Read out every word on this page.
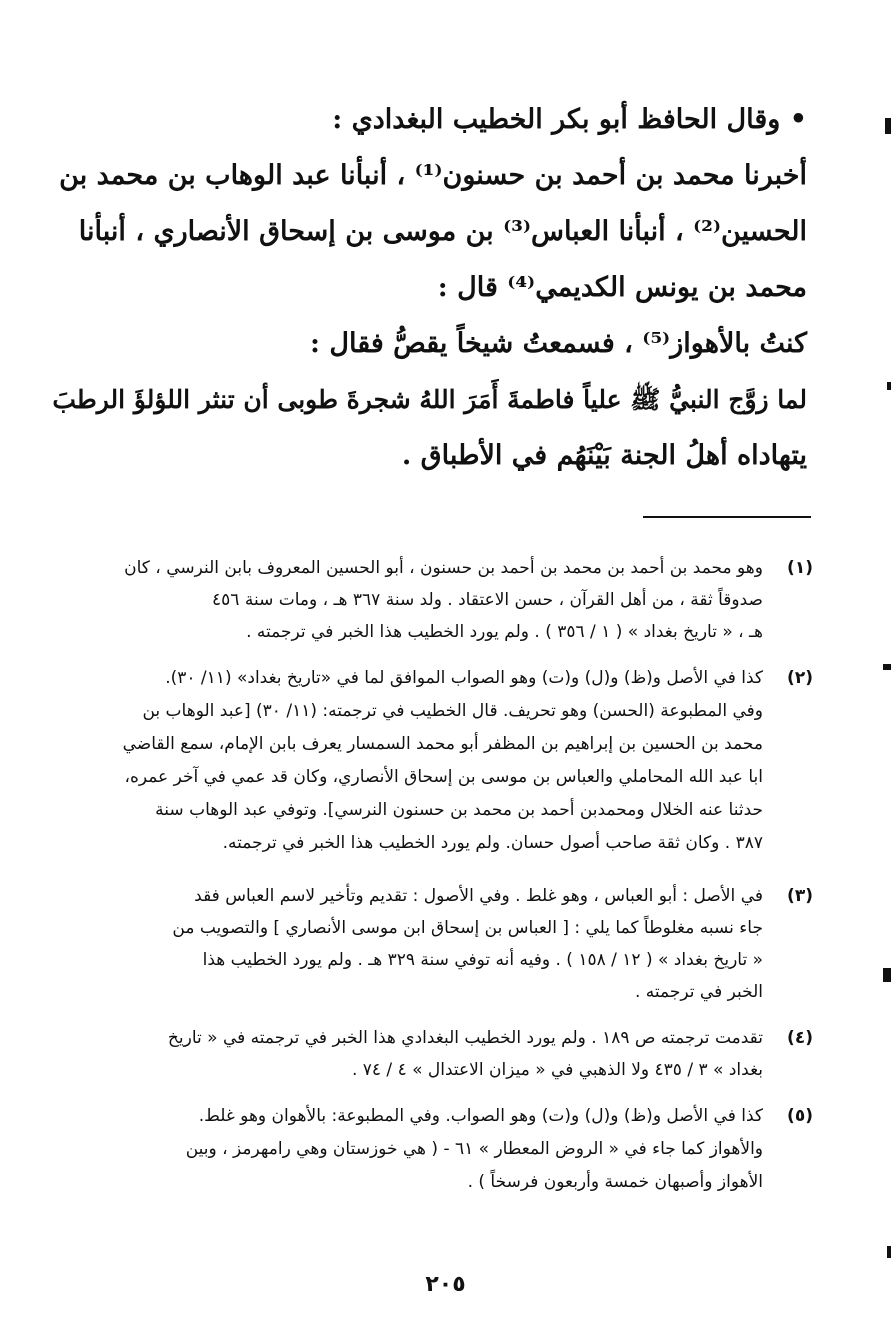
• وقال الحافظ أبو بكر الخطيب البغدادي :
أخبرنا محمد بن أحمد بن حسنون⁽¹⁾ ، أنبأنا عبد الوهاب بن محمد بن
الحسين⁽²⁾ ، أنبأنا العباس⁽³⁾ بن موسى بن إسحاق الأنصاري ، أنبأنا
محمد بن يونس الكديمي⁽⁴⁾ قال :
كنتُ بالأهواز⁽⁵⁾ ، فسمعتُ شيخاً يقصُّ فقال :
لما زوَّج النبيُّ ﷺ علياً فاطمةَ أَمَرَ اللهُ شجرةَ طوبى أن تنثر اللؤلؤَ الرطبَ
يتهاداه أهلُ الجنة بَيْنَهُم في الأطباق .
(١)
وهو محمد بن أحمد بن محمد بن أحمد بن حسنون ، أبو الحسين المعروف بابن النرسي ، كان
صدوقاً ثقة ، من أهل القرآن ، حسن الاعتقاد . ولد سنة ٣٦٧ هـ ، ومات سنة ٤٥٦
هـ ، « تاريخ بغداد » ( ١ / ٣٥٦ ) . ولم يورد الخطيب هذا الخبر في ترجمته .
(٢)
كذا في الأصل و(ظ) و(ل) و(ت) وهو الصواب الموافق لما في «تاريخ بغداد» (١١/ ٣٠).
وفي المطبوعة (الحسن) وهو تحريف. قال الخطيب في ترجمته: (١١/ ٣٠) [عبد الوهاب بن
محمد بن الحسين بن إبراهيم بن المظفر أبو محمد السمسار يعرف بابن الإمام، سمع القاضي
ابا عبد الله المحاملي والعباس بن موسى بن إسحاق الأنصاري، وكان قد عمي في آخر عمره،
حدثنا عنه الخلال ومحمدبن أحمد بن محمد بن حسنون النرسي]. وتوفي عبد الوهاب سنة
٣٨٧ . وكان ثقة صاحب أصول حسان. ولم يورد الخطيب هذا الخبر في ترجمته.
(٣)
في الأصل : أبو العباس ، وهو غلط . وفي الأصول : تقديم وتأخير لاسم العباس فقد
جاء نسبه مغلوطاً كما يلي : [ العباس بن إسحاق ابن موسى الأنصاري ] والتصويب من
« تاريخ بغداد » ( ١٢ / ١٥٨ ) . وفيه أنه توفي سنة ٣٢٩ هـ . ولم يورد الخطيب هذا
الخبر في ترجمته .
(٤)
تقدمت ترجمته ص ١٨٩ . ولم يورد الخطيب البغدادي هذا الخبر في ترجمته في « تاريخ
بغداد » ٣ / ٤٣٥ ولا الذهبي في « ميزان الاعتدال » ٤ / ٧٤ .
(٥)
كذا في الأصل و(ظ) و(ل) و(ت) وهو الصواب. وفي المطبوعة: بالأهوان وهو غلط.
والأهواز كما جاء في « الروض المعطار » ٦١ - ( هي خوزستان وهي رامهرمز ، وبين
الأهواز وأصبهان خمسة وأربعون فرسخاً ) .
٢٠٥
